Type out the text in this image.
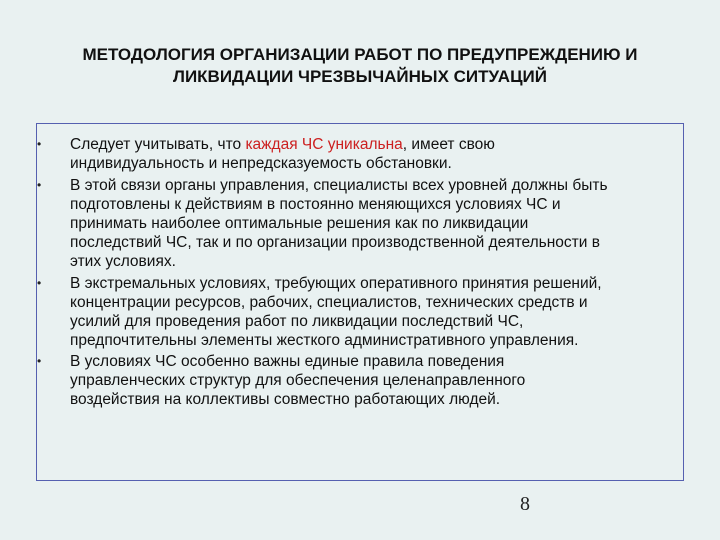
МЕТОДОЛОГИЯ ОРГАНИЗАЦИИ РАБОТ ПО ПРЕДУПРЕЖДЕНИЮ И
ЛИКВИДАЦИИ ЧРЕЗВЫЧАЙНЫХ СИТУАЦИЙ
• Следует учитывать, что каждая ЧС уникальна, имеет свою
индивидуальность и непредсказуемость обстановки.
• В этой связи органы управления, специалисты всех уровней должны быть
подготовлены к действиям в постоянно меняющихся условиях ЧС и
принимать наиболее оптимальные решения как по ликвидации
последствий ЧС, так и по организации производственной деятельности в
этих условиях.
• В экстремальных условиях, требующих оперативного принятия решений,
концентрации ресурсов, рабочих, специалистов, технических средств и
усилий для проведения работ по ликвидации последствий ЧС,
предпочтительны элементы жесткого административного управления.
• В условиях ЧС особенно важны единые правила поведения
управленческих структур для обеспечения целенаправленного
воздействия на коллективы совместно работающих людей.
8
